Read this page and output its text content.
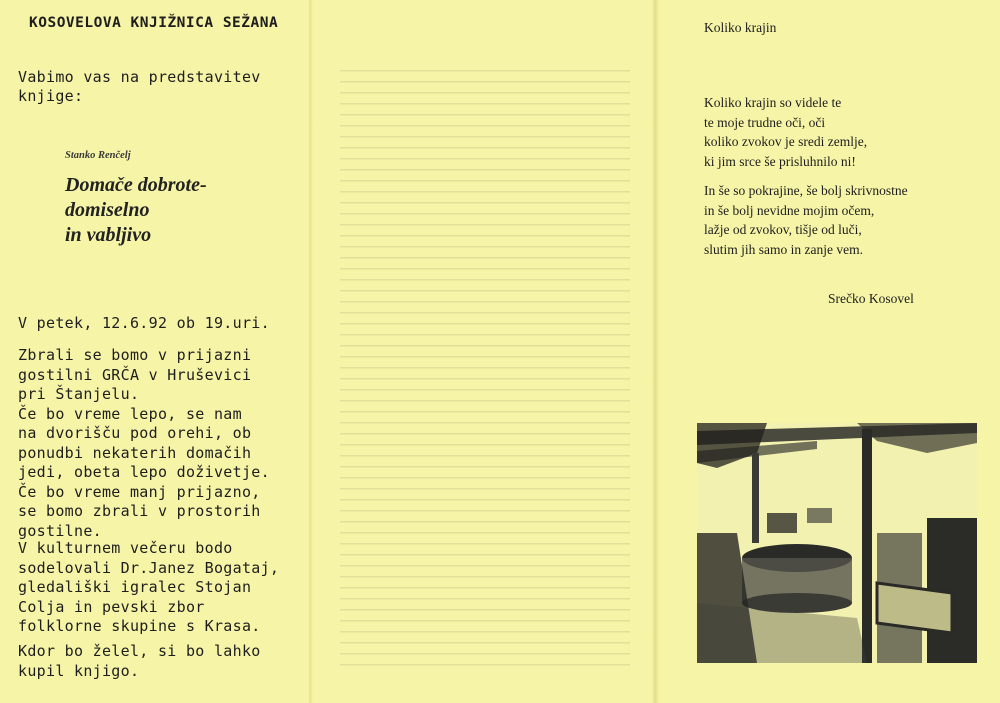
KOSOVELOVA KNJIŽNICA SEŽANA
Vabimo vas na predstavitev knjige:
Stanko Renčelj
Domače dobrote-
domiselno
in vabljivo
V petek, 12.6.92 ob 19.uri.
Zbrali se bomo v prijazni
gostilni GRČA v Hruševici
pri Štanjelu.
Če bo vreme lepo, se nam
na dvorišču pod orehi, ob
ponudbi nekaterih domačih
jedi, obeta lepo doživetje.
Če bo vreme manj prijazno,
se bomo zbrali v prostorih
gostilne.
V kulturnem večeru bodo
sodelovali Dr.Janez Bogataj,
gledališki igralec Stojan
Colja in pevski zbor
folklorne skupine s Krasa.
Kdor bo želel, si bo lahko
kupil knjigo.
Koliko krajin
Koliko krajin so videle te
te moje trudne oči, oči
koliko zvokov je sredi zemlje,
ki jim srce še prisluhnilo ni!
In še so pokrajine, še bolj skrivnostne
in še bolj nevidne mojim očem,
lažje od zvokov, tišje od luči,
slutim jih samo in zanje vem.
Srečko Kosovel
